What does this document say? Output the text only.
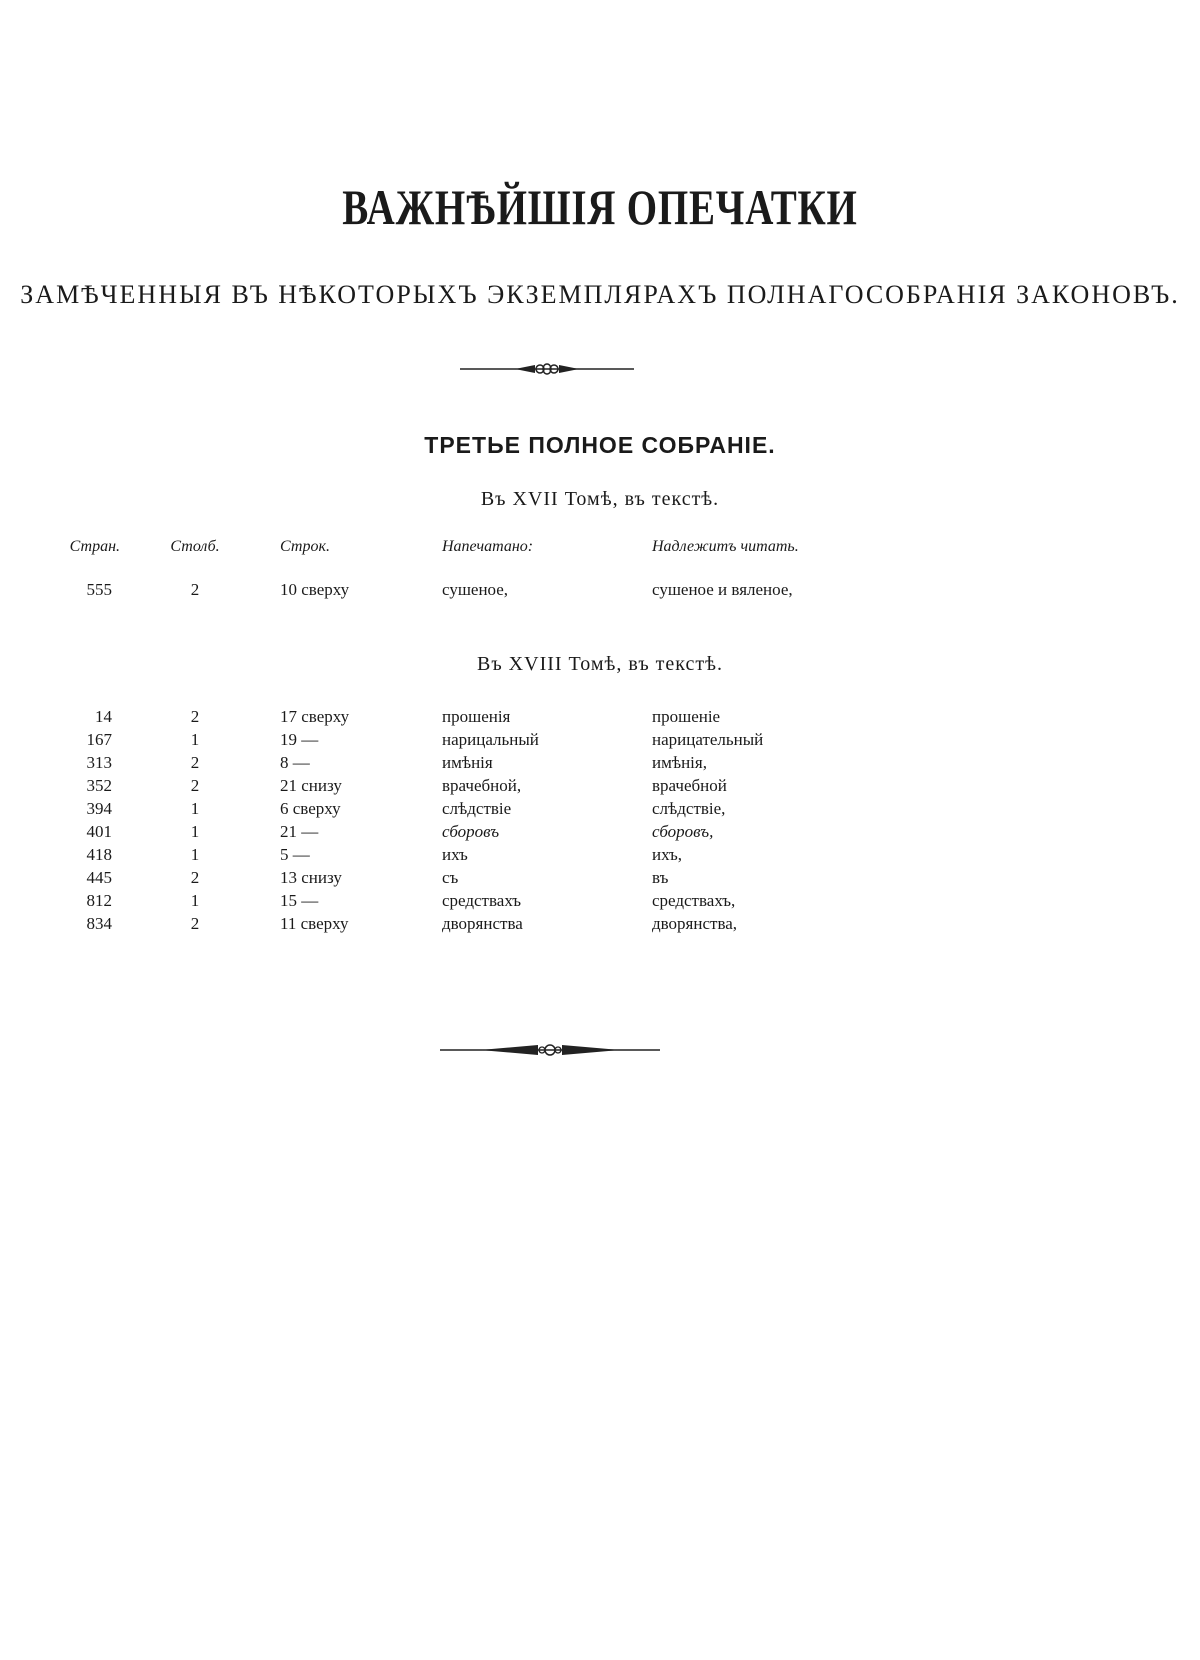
ВАЖНѢЙШІЯ ОПЕЧАТКИ
ЗАМѢЧЕННЫЯ ВЪ НѢКОТОРЫХЪ ЭКЗЕМПЛЯРАХЪ ПОЛНАГОСОБРАНІЯ ЗАКОНОВЪ.
ТРЕТЬЕ ПОЛНОЕ СОБРАНІЕ.
Въ XVII Томѣ, въ текстѣ.
Стран.	Столб.	Строк.	Напечатано:	Надлежитъ читать.
555	2	10 сверху	сушеное,	сушеное и вяленое,
Въ XVIII Томѣ, въ текстѣ.
14	2	17 сверху	прошенія	прошеніе
167	1	19 —	нарицальный	нарицательный
313	2	8 —	имѣнія	имѣнія,
352	2	21 снизу	врачебной,	врачебной
394	1	6 сверху	слѣдствіе	слѣдствіе,
401	1	21 —	сборовъ	сборовъ,
418	1	5 —	ихъ	ихъ,
445	2	13 снизу	съ	въ
812	1	15 —	средствахъ	средствахъ,
834	2	11 сверху	дворянства	дворянства,
